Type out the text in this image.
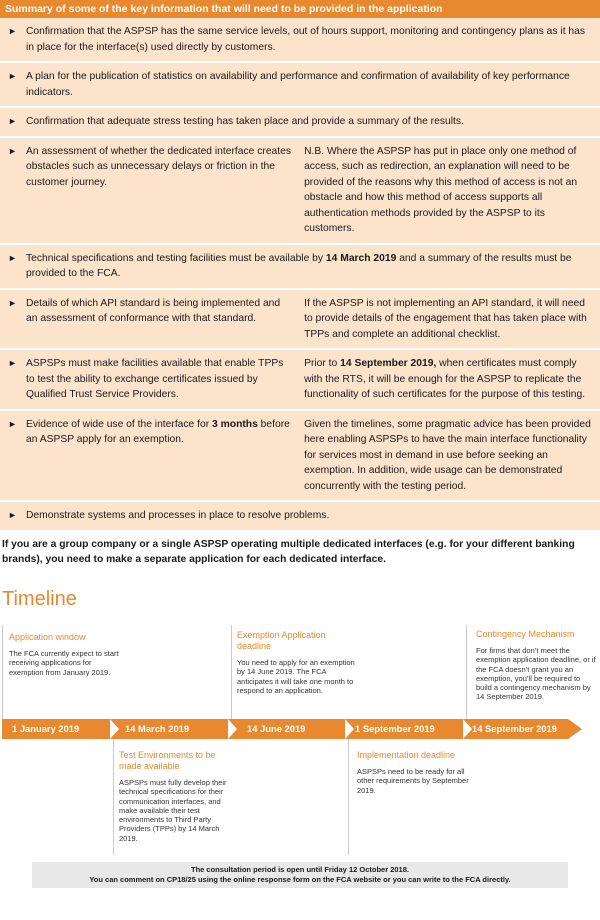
Summary of some of the key information that will need to be provided in the application
► Confirmation that the ASPSP has the same service levels, out of hours support, monitoring and contingency plans as it has in place for the interface(s) used directly by customers.
► A plan for the publication of statistics on availability and performance and confirmation of availability of key performance indicators.
► Confirmation that adequate stress testing has taken place and provide a summary of the results.
► An assessment of whether the dedicated interface creates obstacles such as unnecessary delays or friction in the customer journey.
N.B. Where the ASPSP has put in place only one method of access, such as redirection, an explanation will need to be provided of the reasons why this method of access is not an obstacle and how this method of access supports all authentication methods provided by the ASPSP to its customers.
► Technical specifications and testing facilities must be available by 14 March 2019 and a summary of the results must be provided to the FCA.
► Details of which API standard is being implemented and an assessment of conformance with that standard.
If the ASPSP is not implementing an API standard, it will need to provide details of the engagement that has taken place with TPPs and complete an additional checklist.
► ASPSPs must make facilities available that enable TPPs to test the ability to exchange certificates issued by Qualified Trust Service Providers.
Prior to 14 September 2019, when certificates must comply with the RTS, it will be enough for the ASPSP to replicate the functionality of such certificates for the purpose of this testing.
► Evidence of wide use of the interface for 3 months before an ASPSP apply for an exemption.
Given the timelines, some pragmatic advice has been provided here enabling ASPSPs to have the main interface functionality for services most in demand in use before seeking an exemption. In addition, wide usage can be demonstrated concurrently with the testing period.
► Demonstrate systems and processes in place to resolve problems.
If you are a group company or a single ASPSP operating multiple dedicated interfaces (e.g. for your different banking brands), you need to make a separate application for each dedicated interface.
Timeline
Application window
The FCA currently expect to start receiving applications for exemption from January 2019.
Exemption Application deadline
You need to apply for an exemption by 14 June 2019. The FCA anticipates it will take one month to respond to an application.
Contingency Mechanism
For firms that don’t meet the exemption application deadline, or if the FCA doesn’t grant you an exemption, you’ll be required to build a contingency mechanism by 14 September 2019.
1 January 2019	14 March 2019	14 June 2019	1 September 2019	14 September 2019
Test Environments to be made available
ASPSPs must fully develop their technical specifications for their communication interfaces, and make available their test environments to Third Party Providers (TPPs) by 14 March 2019.
Implementation deadline
ASPSPs need to be ready for all other requirements by September 2019.
The consultation period is open until Friday 12 October 2018.
You can comment on CP18/25 using the online response form on the FCA website or you can write to the FCA directly.
